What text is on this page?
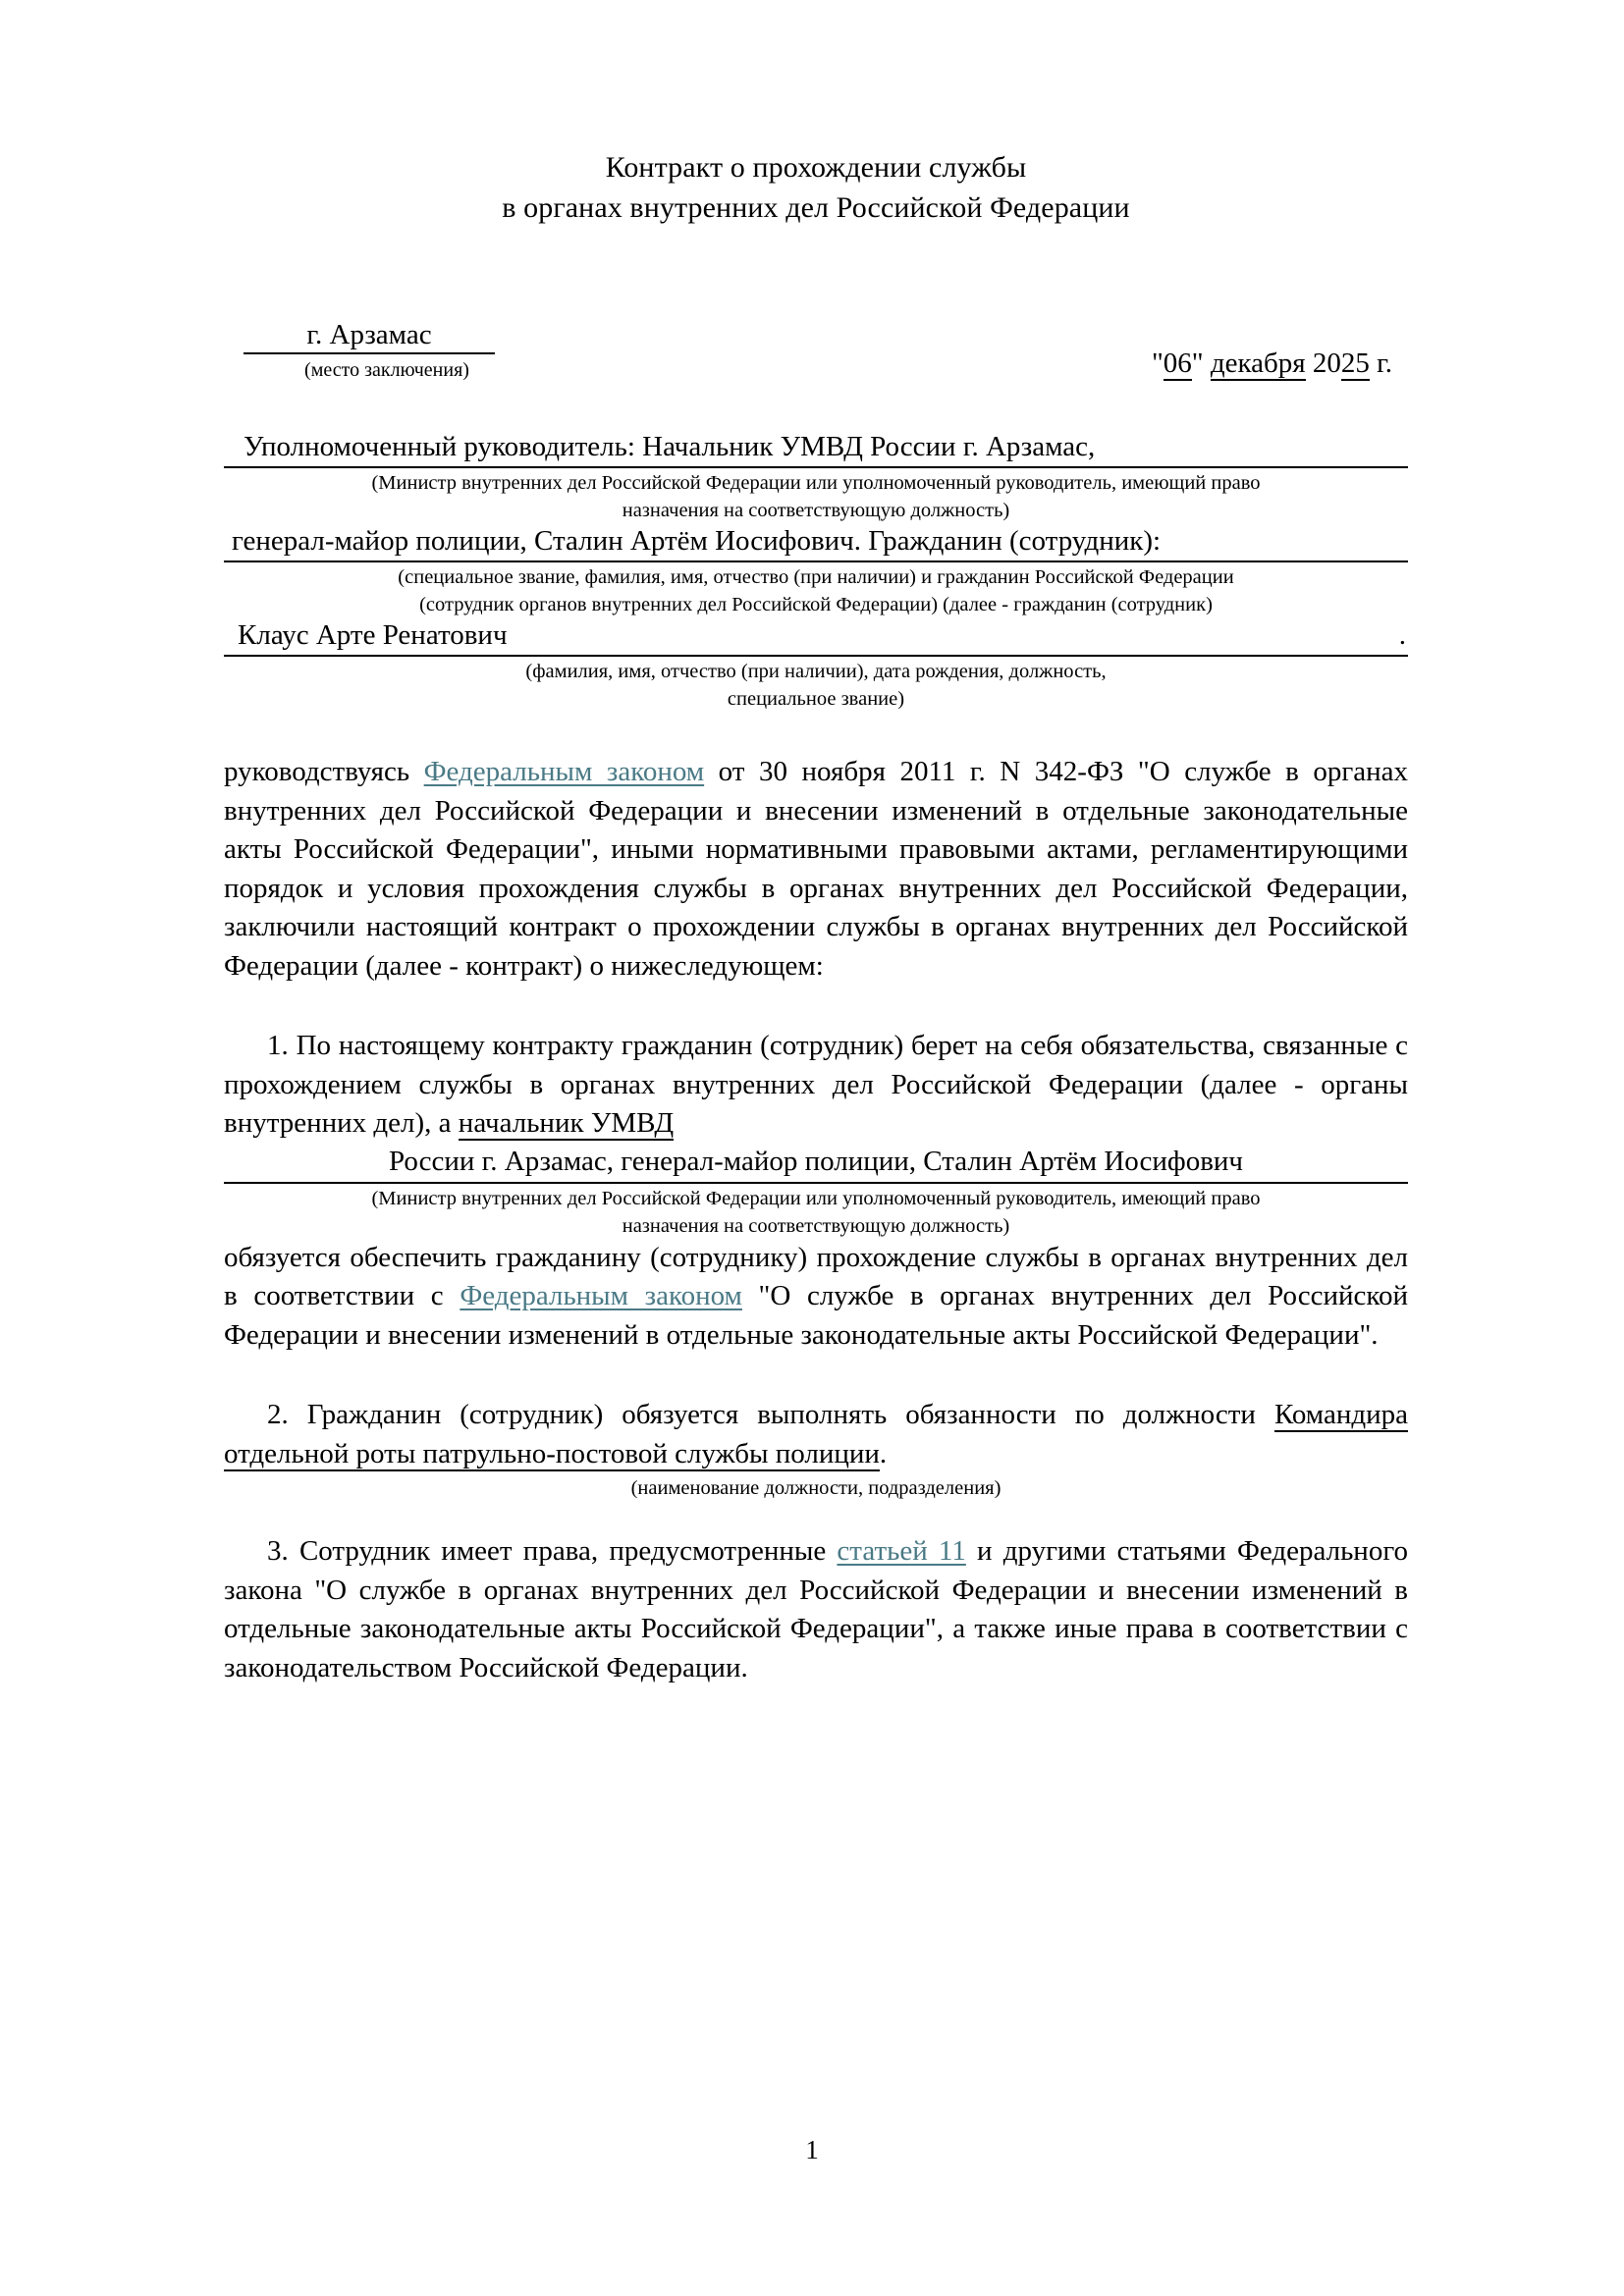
Контракт о прохождении службы
в органах внутренних дел Российской Федерации
г. Арзамас
(место заключения)	"06" декабря 2025 г.
Уполномоченный руководитель: Начальник УМВД России г. Арзамас,
(Министр внутренних дел Российской Федерации или уполномоченный руководитель, имеющий право
назначения на соответствующую должность)
генерал-майор полиции, Сталин Артём Иосифович. Гражданин (сотрудник):
(специальное звание, фамилия, имя, отчество (при наличии) и гражданин Российской Федерации
(сотрудник органов внутренних дел Российской Федерации) (далее - гражданин (сотрудник)
Клаус Арте Ренатович	.
(фамилия, имя, отчество (при наличии), дата рождения, должность,
специальное звание)

руководствуясь Федеральным законом от 30 ноября 2011 г. N 342-ФЗ "О службе в органах внутренних дел Российской Федерации и внесении изменений в отдельные законодательные акты Российской Федерации", иными нормативными правовыми актами, регламентирующими порядок и условия прохождения службы в органах внутренних дел Российской Федерации, заключили настоящий контракт о прохождении службы в органах внутренних дел Российской Федерации (далее - контракт) о нижеследующем:

1. По настоящему контракту гражданин (сотрудник) берет на себя обязательства, связанные с прохождением службы в органах внутренних дел Российской Федерации (далее - органы внутренних дел), а начальник УМВД

России г. Арзамас, генерал-майор полиции, Сталин Артём Иосифович
(Министр внутренних дел Российской Федерации или уполномоченный руководитель, имеющий право
назначения на соответствующую должность)

обязуется обеспечить гражданину (сотруднику) прохождение службы в органах внутренних дел в соответствии с Федеральным законом "О службе в органах внутренних дел Российской Федерации и внесении изменений в отдельные законодательные акты Российской Федерации".

2. Гражданин (сотрудник) обязуется выполнять обязанности по должности Командира отдельной роты патрульно-постовой службы полиции.

(наименование должности, подразделения)

3. Сотрудник имеет права, предусмотренные статьей 11 и другими статьями Федерального закона "О службе в органах внутренних дел Российской Федерации и внесении изменений в отдельные законодательные акты Российской Федерации", а также иные права в соответствии с законодательством Российской Федерации.

1
